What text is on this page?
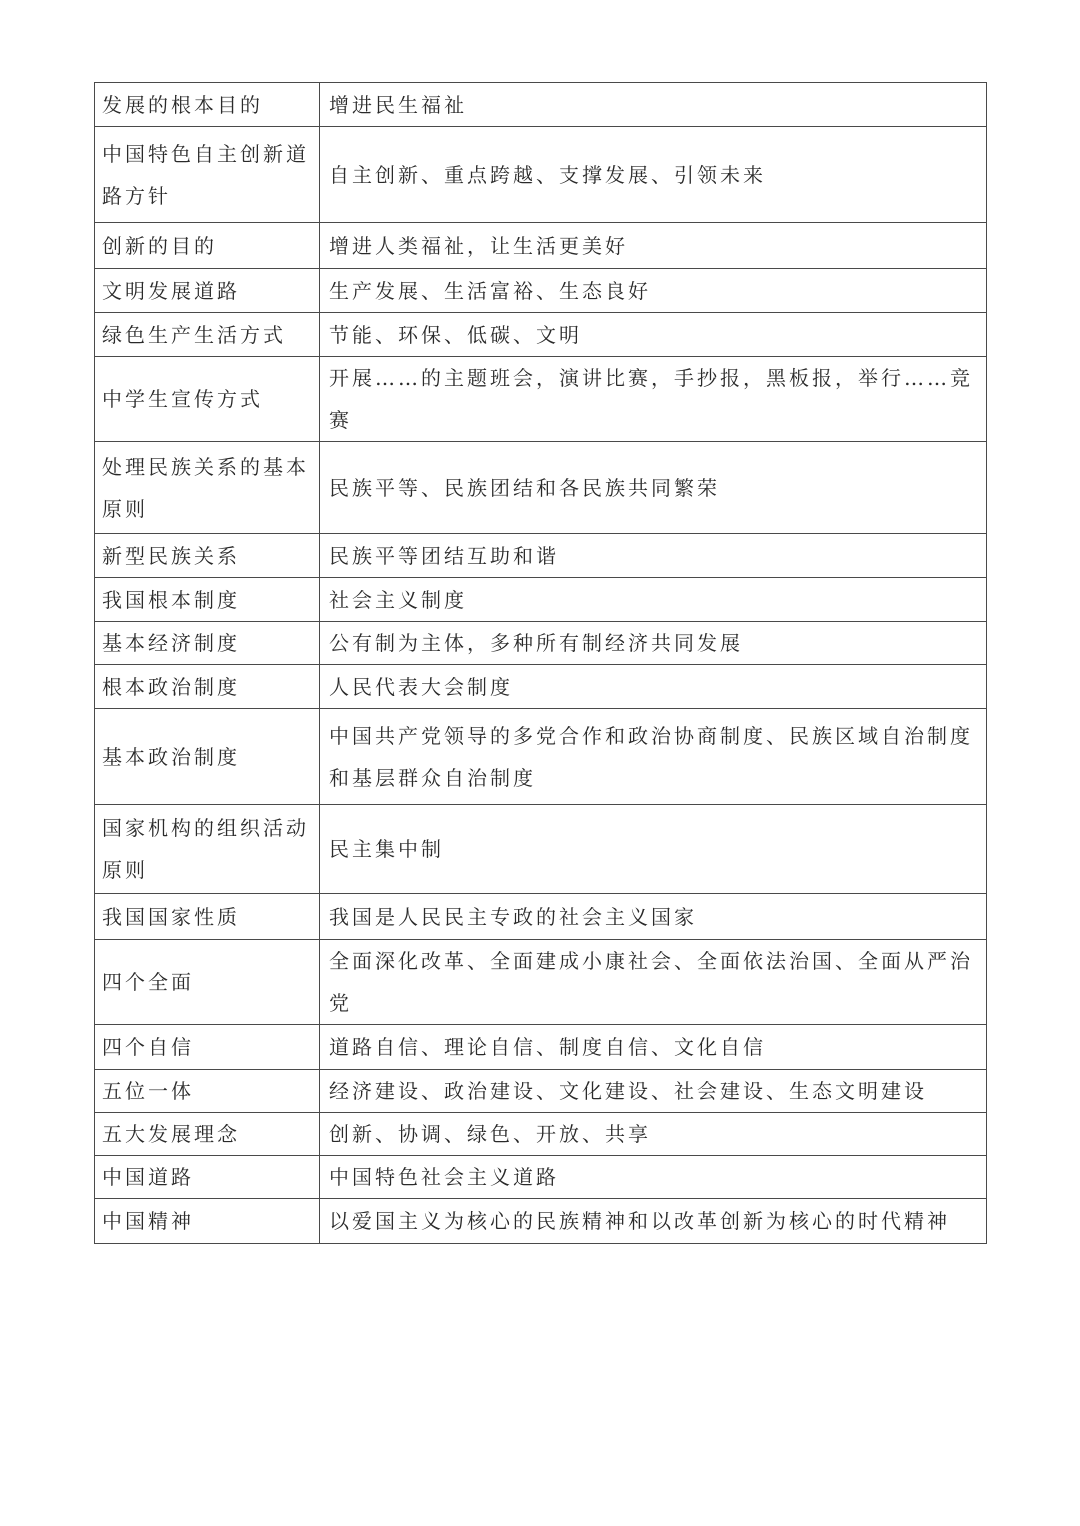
发展的根本目的	增进民生福祉
中国特色自主创新道路方针	自主创新、重点跨越、支撑发展、引领未来
创新的目的	增进人类福祉，让生活更美好
文明发展道路	生产发展、生活富裕、生态良好
绿色生产生活方式	节能、环保、低碳、文明
中学生宣传方式	开展……的主题班会，演讲比赛，手抄报，黑板报，举行……竞赛
处理民族关系的基本原则	民族平等、民族团结和各民族共同繁荣
新型民族关系	民族平等团结互助和谐
我国根本制度	社会主义制度
基本经济制度	公有制为主体，多种所有制经济共同发展
根本政治制度	人民代表大会制度
基本政治制度	中国共产党领导的多党合作和政治协商制度、民族区域自治制度和基层群众自治制度
国家机构的组织活动原则	民主集中制
我国国家性质	我国是人民民主专政的社会主义国家
四个全面	全面深化改革、全面建成小康社会、全面依法治国、全面从严治党
四个自信	道路自信、理论自信、制度自信、文化自信
五位一体	经济建设、政治建设、文化建设、社会建设、生态文明建设
五大发展理念	创新、协调、绿色、开放、共享
中国道路	中国特色社会主义道路
中国精神	以爱国主义为核心的民族精神和以改革创新为核心的时代精神
